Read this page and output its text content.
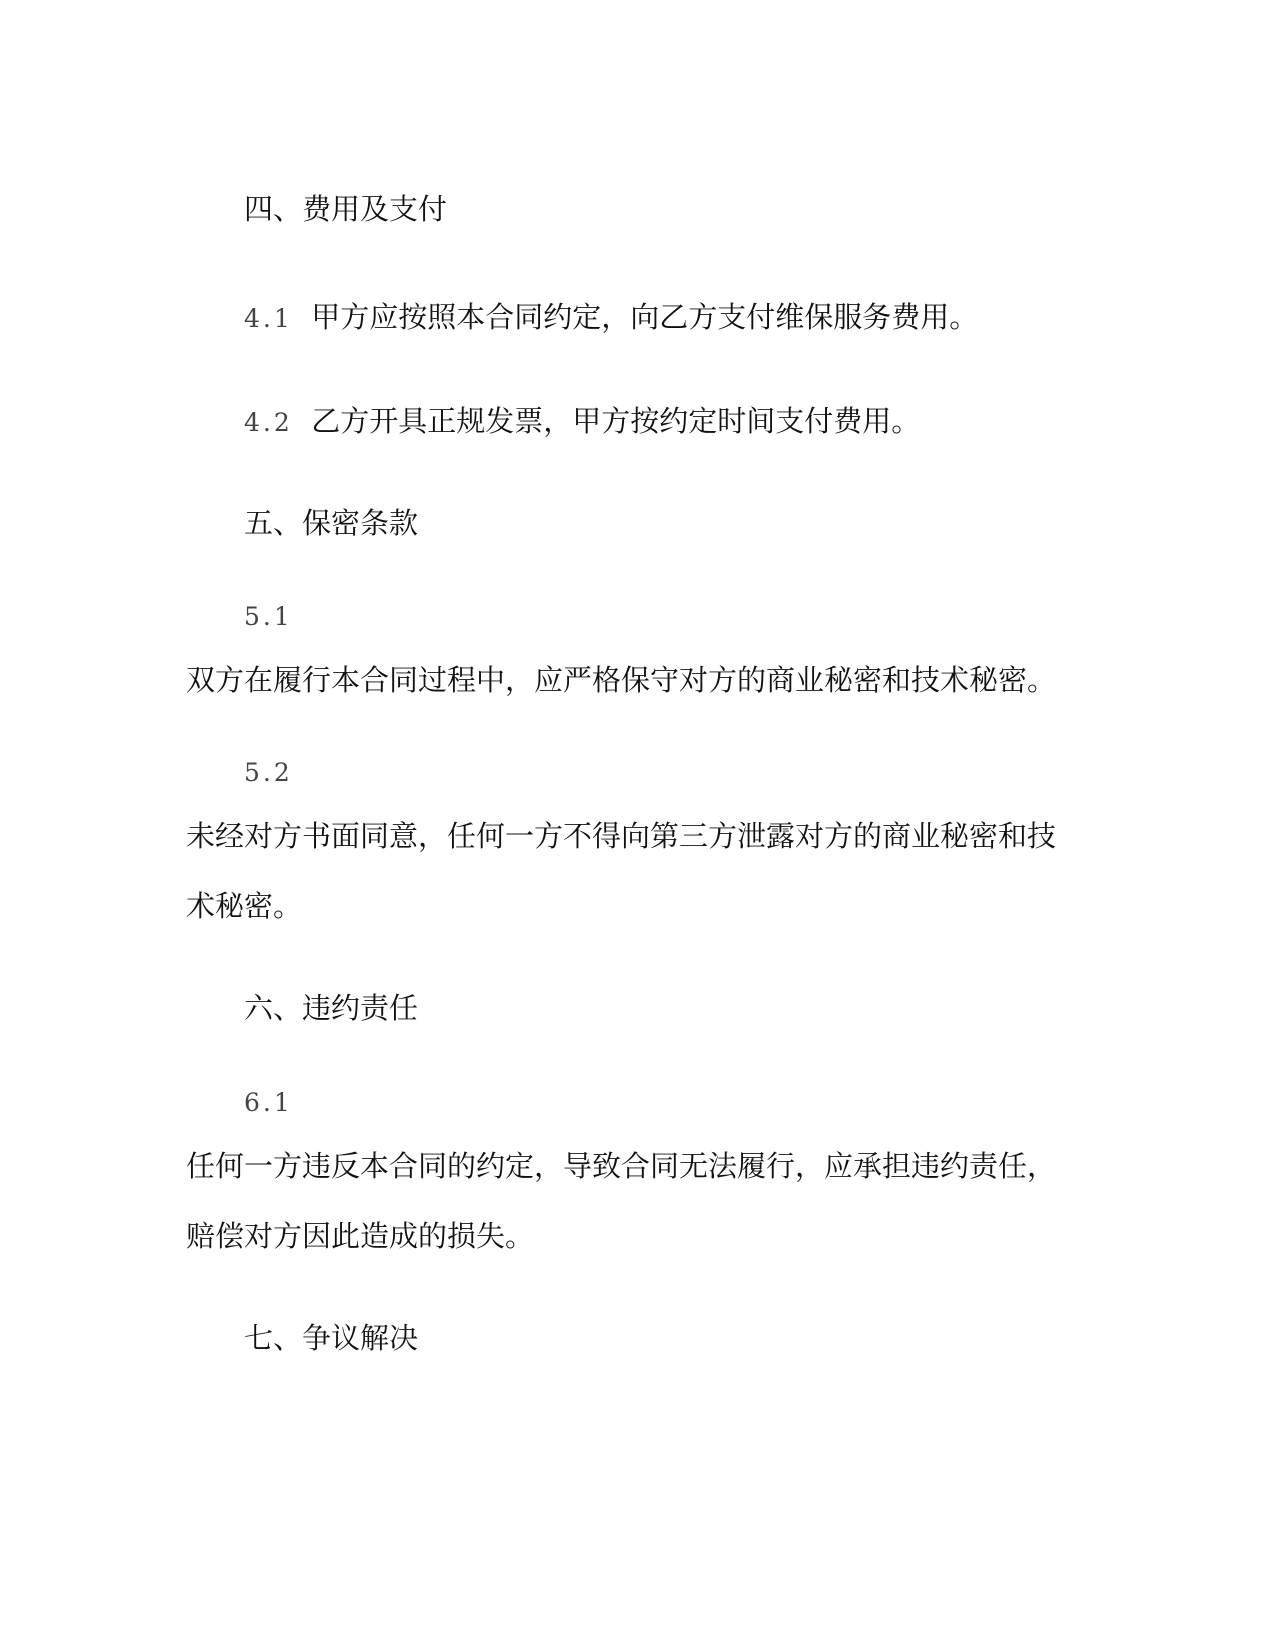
四、费用及支付

4.1 甲方应按照本合同约定，向乙方支付维保服务费用。

4.2 乙方开具正规发票，甲方按约定时间支付费用。

五、保密条款

5.1

双方在履行本合同过程中，应严格保守对方的商业秘密和技术秘密。

5.2

未经对方书面同意，任何一方不得向第三方泄露对方的商业秘密和技

术秘密。

六、违约责任

6.1

任何一方违反本合同的约定，导致合同无法履行，应承担违约责任，

赔偿对方因此造成的损失。

七、争议解决
